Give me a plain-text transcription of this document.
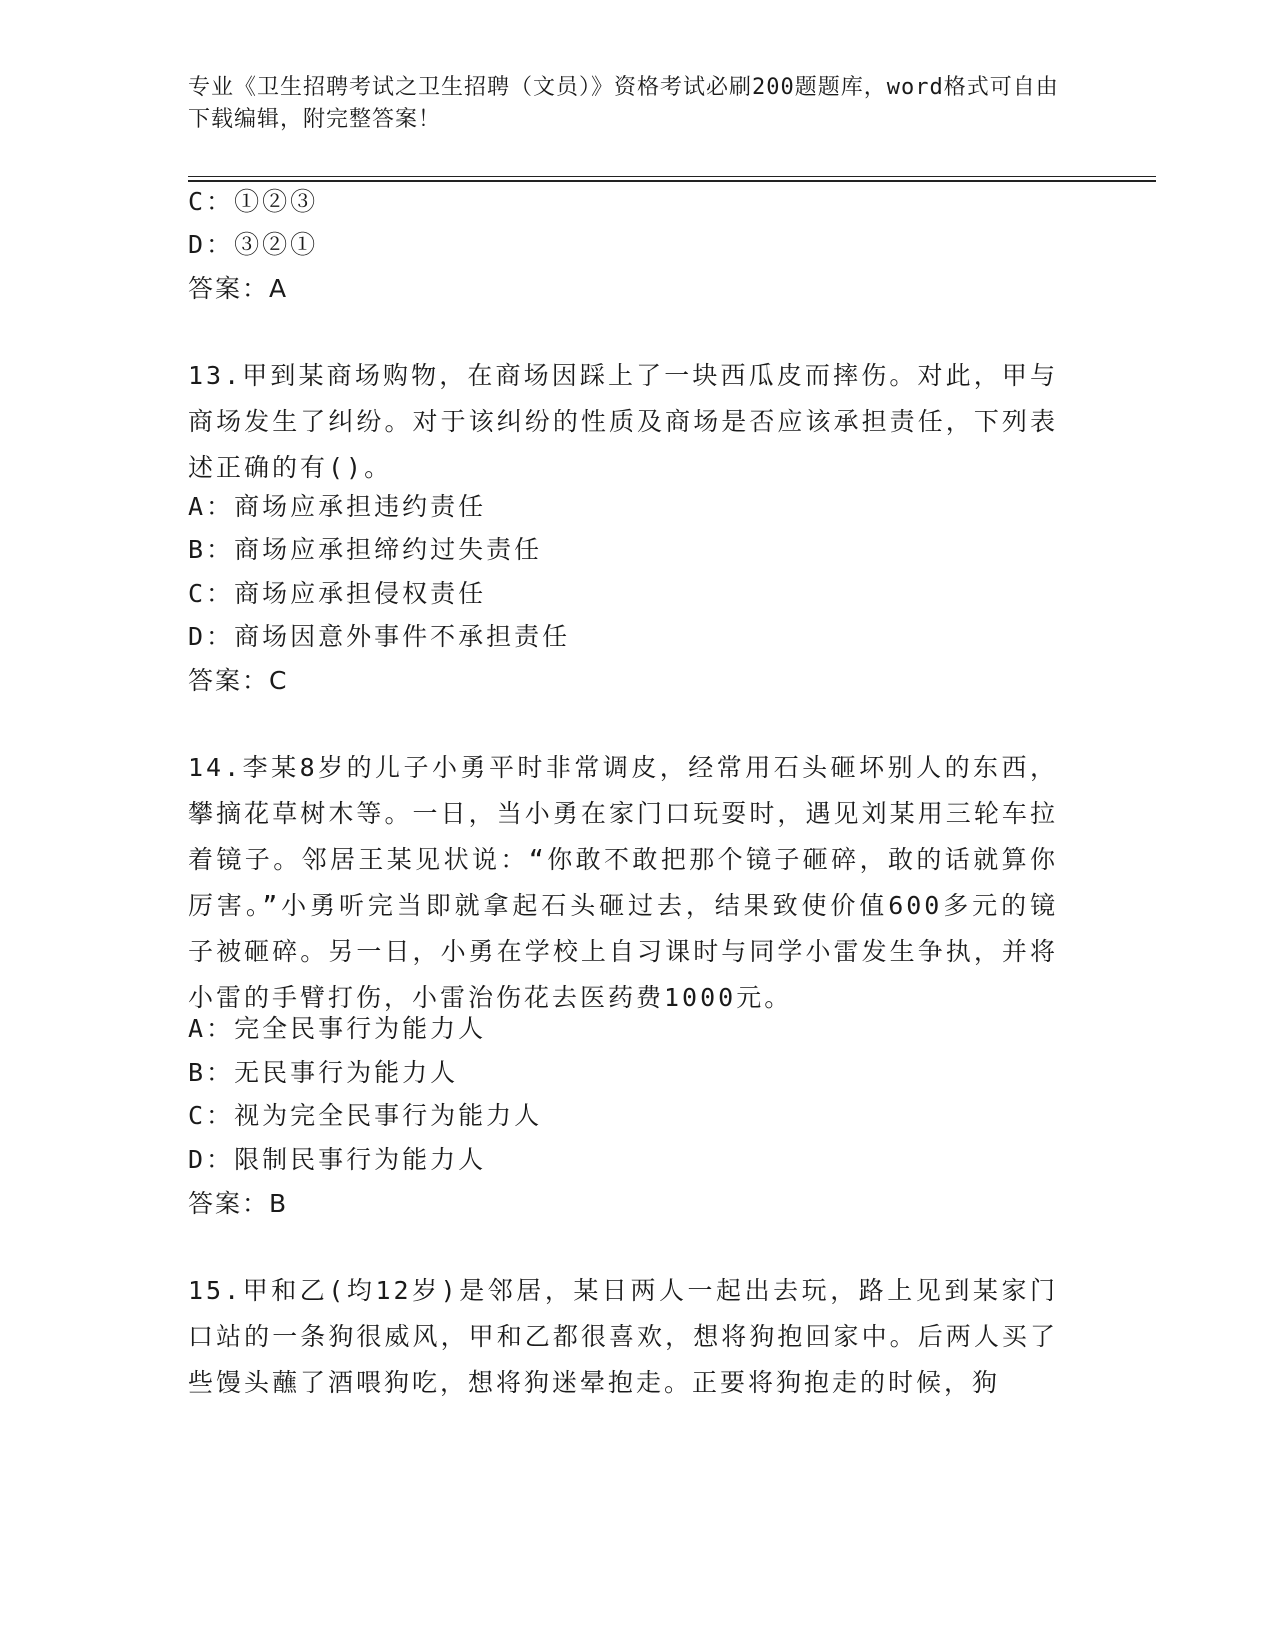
专业《卫生招聘考试之卫生招聘（文员）》资格考试必刷200题题库，word格式可自由下载编辑，附完整答案！
C：①②③
D：③②①
答案：A
13.甲到某商场购物，在商场因踩上了一块西瓜皮而摔伤。对此，甲与商场发生了纠纷。对于该纠纷的性质及商场是否应该承担责任，下列表述正确的有()。
A：商场应承担违约责任
B：商场应承担缔约过失责任
C：商场应承担侵权责任
D：商场因意外事件不承担责任
答案：C
14.李某8岁的儿子小勇平时非常调皮，经常用石头砸坏别人的东西，攀摘花草树木等。一日，当小勇在家门口玩耍时，遇见刘某用三轮车拉着镜子。邻居王某见状说：“你敢不敢把那个镜子砸碎，敢的话就算你厉害。”小勇听完当即就拿起石头砸过去，结果致使价值600多元的镜子被砸碎。另一日，小勇在学校上自习课时与同学小雷发生争执，并将小雷的手臂打伤，小雷治伤花去医药费1000元。
A：完全民事行为能力人
B：无民事行为能力人
C：视为完全民事行为能力人
D：限制民事行为能力人
答案：B
15.甲和乙(均12岁)是邻居，某日两人一起出去玩，路上见到某家门口站的一条狗很威风，甲和乙都很喜欢，想将狗抱回家中。后两人买了些馒头蘸了酒喂狗吃，想将狗迷晕抱走。正要将狗抱走的时候，狗
